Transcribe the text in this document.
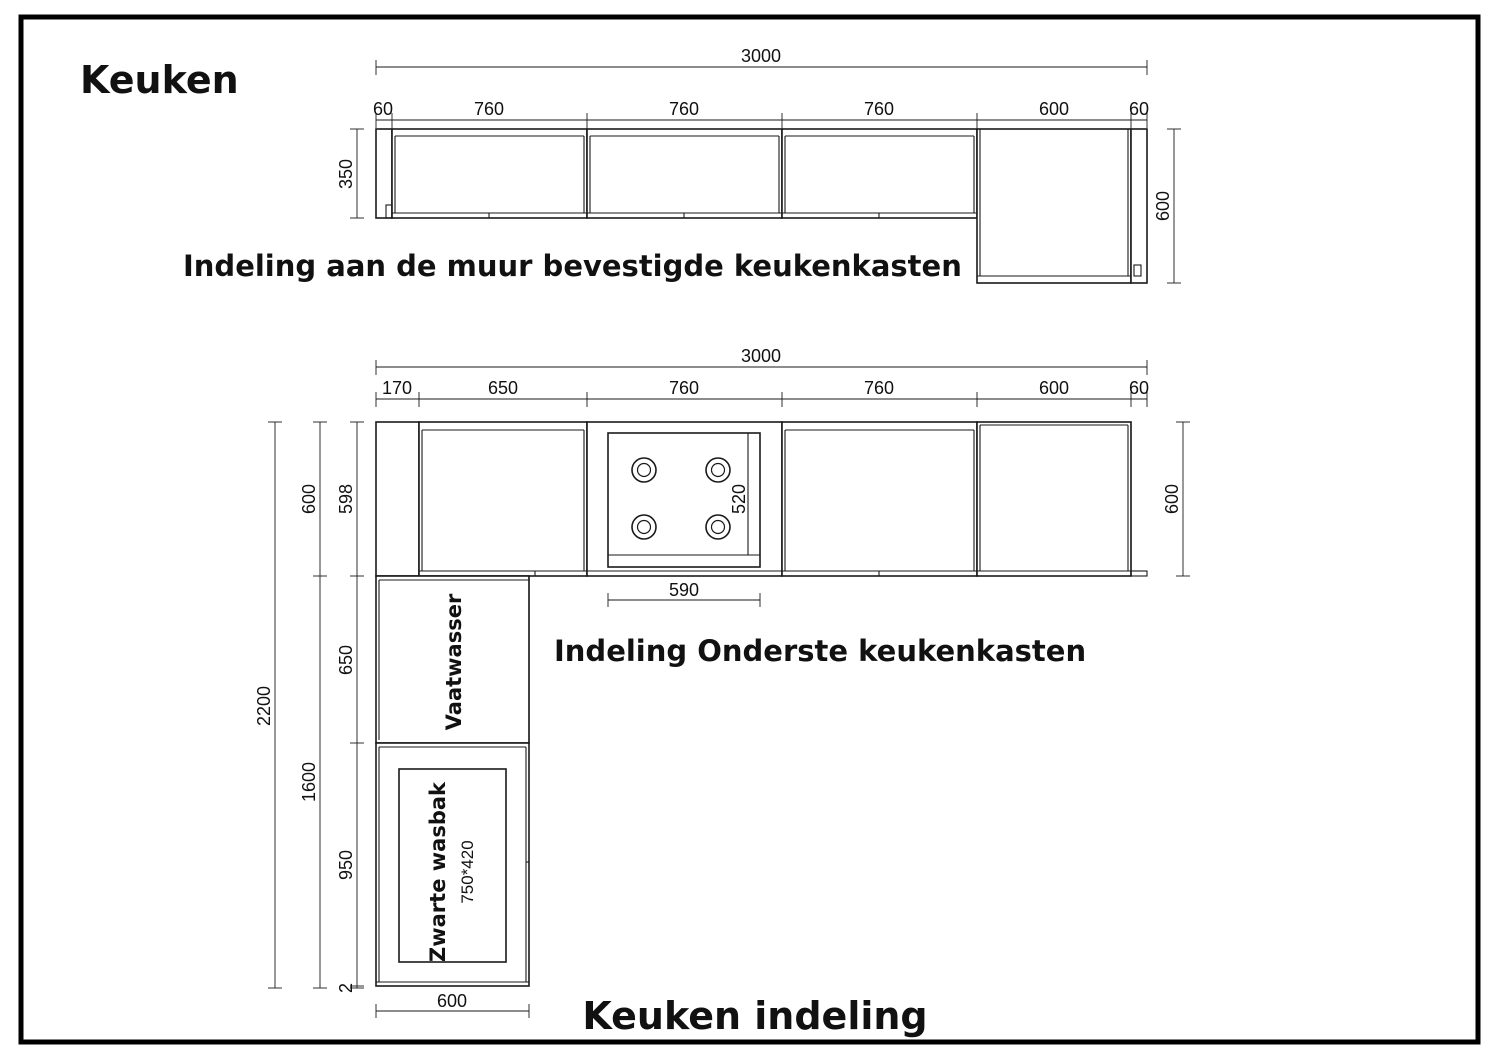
Keuken
Keuken indeling
3000
60	760	760	760	600	60
350
600
Indeling aan de muur bevestigde keukenkasten
3000
170	650	760	760	600	60
520
590
600
Vaatwasser
Zwarte wasbak 750*420
600
2200
600
1600
598
650
950
2
Indeling Onderste keukenkasten
